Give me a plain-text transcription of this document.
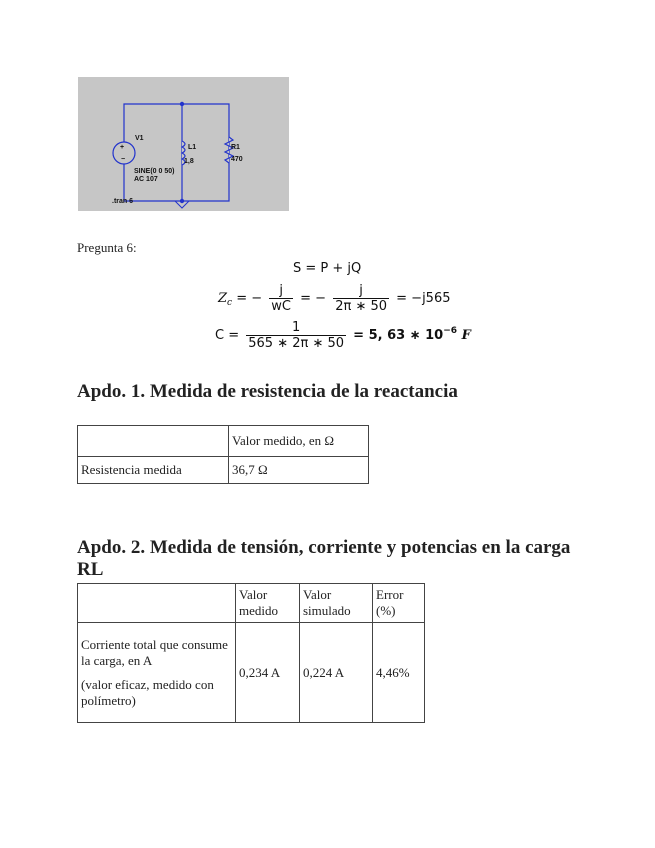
+
−
V1
SINE(0 0 50)
AC 107
L1
1,8
R1
470
.tran 6
Pregunta 6:
S = P + jQ
$Z_c$ = − $\frac{j}{wC}$ = − $\frac{j}{2\pi ∗ 50} = -j565$
$C = \frac{1}{565 ∗ 2\pi ∗ 50} = 5$, 63 ∗ $10^{-6}$ F
Apdo. 1. Medida de resistencia de la reactancia
	Valor medido, en Ω
Resistencia medida	36,7 Ω
Apdo. 2. Medida de tensión, corriente y potencias en la carga RL
	Valor medido	Valor simulado	Error (%)

Corriente total que consume la carga, en A

(valor eficaz, medido con polímetro)	0,234 A	0,224 A	4,46%
